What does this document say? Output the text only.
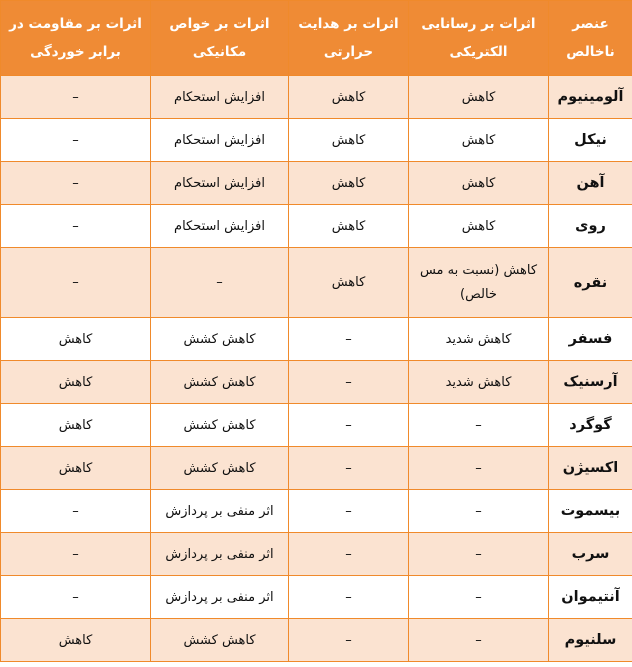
عنصر ناخالص	اثرات بر رسانایی الکتریکی	اثرات بر هدایت حرارتی	اثرات بر خواص مکانیکی	اثرات بر مقاومت در برابر خوردگی
آلومینیوم	کاهش	کاهش	افزایش استحکام	–
نیکل	کاهش	کاهش	افزایش استحکام	–
آهن	کاهش	کاهش	افزایش استحکام	–
روی	کاهش	کاهش	افزایش استحکام	–
نقره	کاهش (نسبت به مس خالص)	کاهش	–	–
فسفر	کاهش شدید	–	کاهش کشش	کاهش
آرسنیک	کاهش شدید	–	کاهش کشش	کاهش
گوگرد	–	–	کاهش کشش	کاهش
اکسیژن	–	–	کاهش کشش	کاهش
بیسموت	–	–	اثر منفی بر پردازش	–
سرب	–	–	اثر منفی بر پردازش	–
آنتیموان	–	–	اثر منفی بر پردازش	–
سلنیوم	–	–	کاهش کشش	کاهش
